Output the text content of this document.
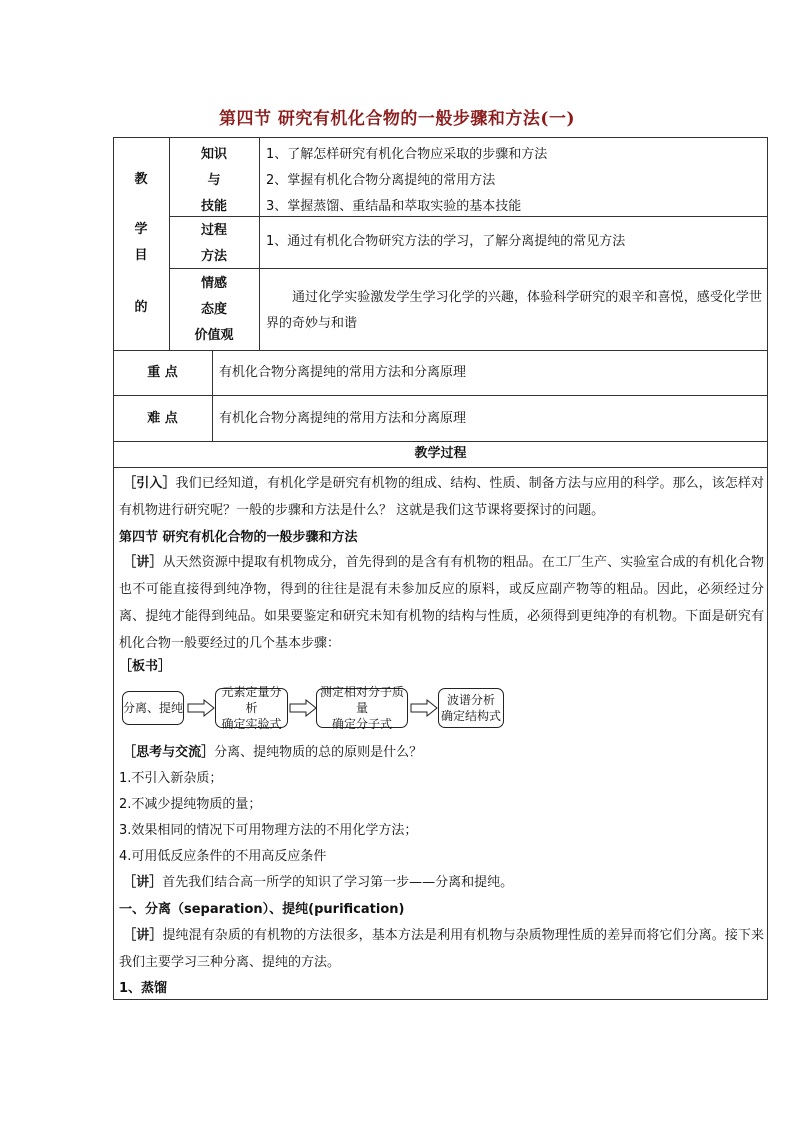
第四节 研究有机化合物的一般步骤和方法(一)
教
学
目
的
知识
与
技能
1、了解怎样研究有机化合物应采取的步骤和方法
2、掌握有机化合物分离提纯的常用方法
3、掌握蒸馏、重结晶和萃取实验的基本技能
过程
方法
1、通过有机化合物研究方法的学习，了解分离提纯的常见方法
情感
态度
价值观
通过化学实验激发学生学习化学的兴趣，体验科学研究的艰辛和喜悦，感受化学世界的奇妙与和谐
重 点	有机化合物分离提纯的常用方法和分离原理
难 点	有机化合物分离提纯的常用方法和分离原理
教学过程
［引入］我们已经知道，有机化学是研究有机物的组成、结构、性质、制备方法与应用的科学。那么，该怎样对有机物进行研究呢？一般的步骤和方法是什么？ 这就是我们这节课将要探讨的问题。
第四节 研究有机化合物的一般步骤和方法
［讲］从天然资源中提取有机物成分，首先得到的是含有有机物的粗品。在工厂生产、实验室合成的有机化合物也不可能直接得到纯净物，得到的往往是混有未参加反应的原料，或反应副产物等的粗品。因此，必须经过分离、提纯才能得到纯品。如果要鉴定和研究未知有机物的结构与性质，必须得到更纯净的有机物。下面是研究有机化合物一般要经过的几个基本步骤：
［板书］
分离、提纯
元素定量分析
确定实验式
测定相对分子质量
确定分子式
波谱分析
确定结构式
［思考与交流］分离、提纯物质的总的原则是什么？
1.不引入新杂质；
2.不减少提纯物质的量；
3.效果相同的情况下可用物理方法的不用化学方法；
4.可用低反应条件的不用高反应条件
［讲］首先我们结合高一所学的知识了学习第一步——分离和提纯。
一、分离（separation）、提纯(purification)
［讲］提纯混有杂质的有机物的方法很多，基本方法是利用有机物与杂质物理性质的差异而将它们分离。接下来我们主要学习三种分离、提纯的方法。
1、蒸馏
